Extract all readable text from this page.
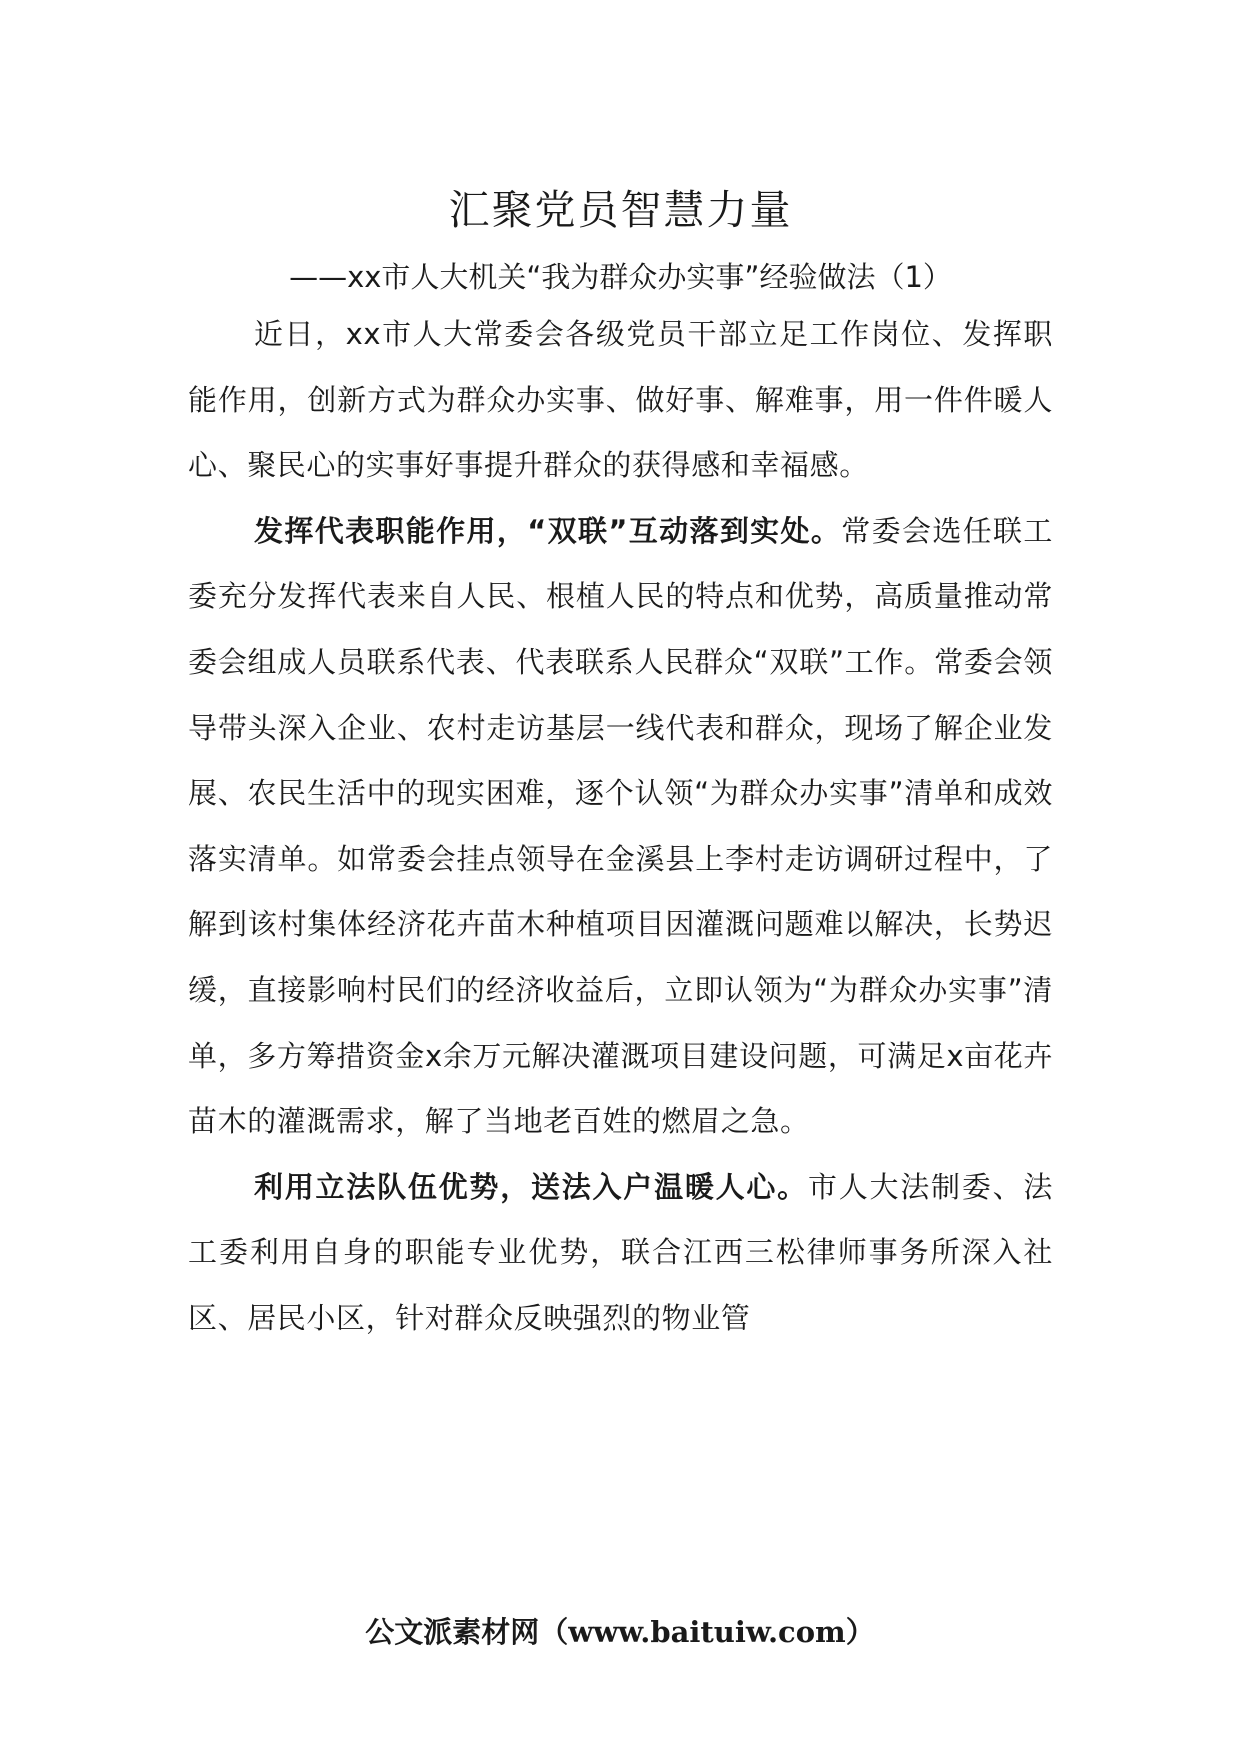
汇聚党员智慧力量

——xx市人大机关“我为群众办实事”经验做法（1）

近日，xx市人大常委会各级党员干部立足工作岗位、发挥职能作用，创新方式为群众办实事、做好事、解难事，用一件件暖人心、聚民心的实事好事提升群众的获得感和幸福感。

发挥代表职能作用，“双联”互动落到实处。常委会选任联工委充分发挥代表来自人民、根植人民的特点和优势，高质量推动常委会组成人员联系代表、代表联系人民群众“双联”工作。常委会领导带头深入企业、农村走访基层一线代表和群众，现场了解企业发展、农民生活中的现实困难，逐个认领“为群众办实事”清单和成效落实清单。如常委会挂点领导在金溪县上李村走访调研过程中，了解到该村集体经济花卉苗木种植项目因灌溉问题难以解决，长势迟缓，直接影响村民们的经济收益后，立即认领为“为群众办实事”清单，多方筹措资金x余万元解决灌溉项目建设问题，可满足x亩花卉苗木的灌溉需求，解了当地老百姓的燃眉之急。

利用立法队伍优势，送法入户温暖人心。市人大法制委、法工委利用自身的职能专业优势，联合江西三松律师事务所深入社区、居民小区，针对群众反映强烈的物业管

公文派素材网（www.baituiw.com）
